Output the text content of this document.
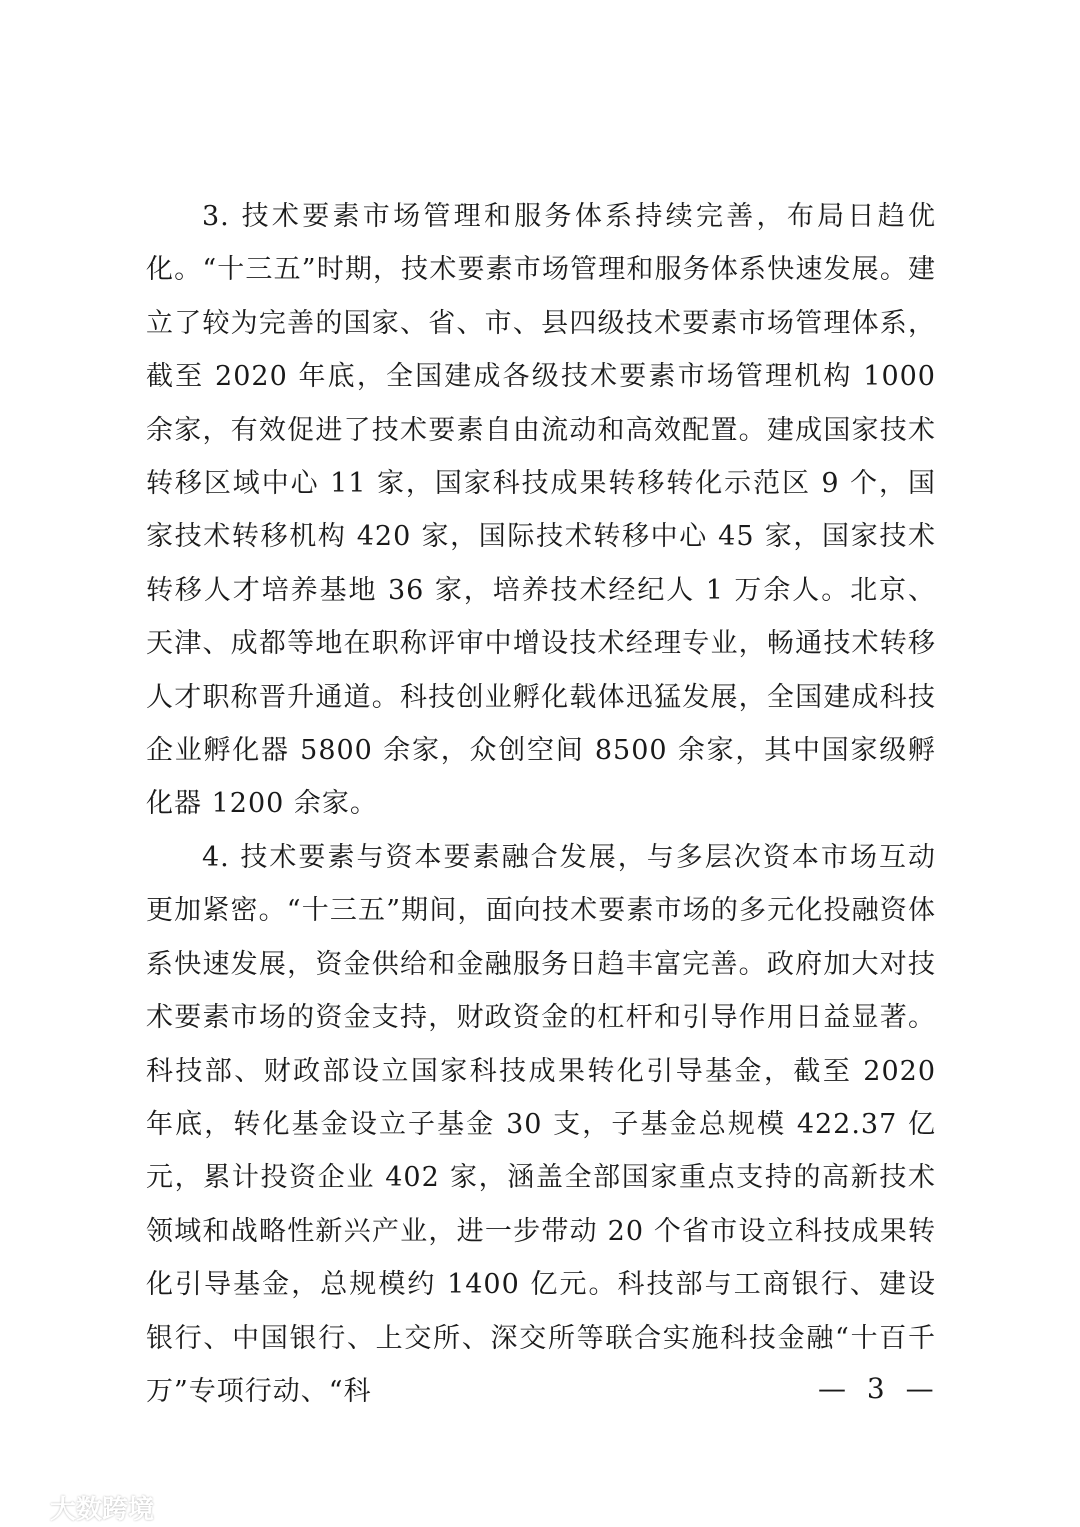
3. 技术要素市场管理和服务体系持续完善，布局日趋优化。“十三五”时期，技术要素市场管理和服务体系快速发展。建立了较为完善的国家、省、市、县四级技术要素市场管理体系，截至 2020 年底，全国建成各级技术要素市场管理机构 1000 余家，有效促进了技术要素自由流动和高效配置。建成国家技术转移区域中心 11 家，国家科技成果转移转化示范区 9 个，国家技术转移机构 420 家，国际技术转移中心 45 家，国家技术转移人才培养基地 36 家，培养技术经纪人 1 万余人。北京、天津、成都等地在职称评审中增设技术经理专业，畅通技术转移人才职称晋升通道。科技创业孵化载体迅猛发展，全国建成科技企业孵化器 5800 余家，众创空间 8500 余家，其中国家级孵化器 1200 余家。

4. 技术要素与资本要素融合发展，与多层次资本市场互动更加紧密。“十三五”期间，面向技术要素市场的多元化投融资体系快速发展，资金供给和金融服务日趋丰富完善。政府加大对技术要素市场的资金支持，财政资金的杠杆和引导作用日益显著。科技部、财政部设立国家科技成果转化引导基金，截至 2020 年底，转化基金设立子基金 30 支，子基金总规模 422.37 亿元，累计投资企业 402 家，涵盖全部国家重点支持的高新技术领域和战略性新兴产业，进一步带动 20 个省市设立科技成果转化引导基金，总规模约 1400 亿元。科技部与工商银行、建设银行、中国银行、上交所、深交所等联合实施科技金融“十百千万”专项行动、“科	— 3 —
大数跨境
